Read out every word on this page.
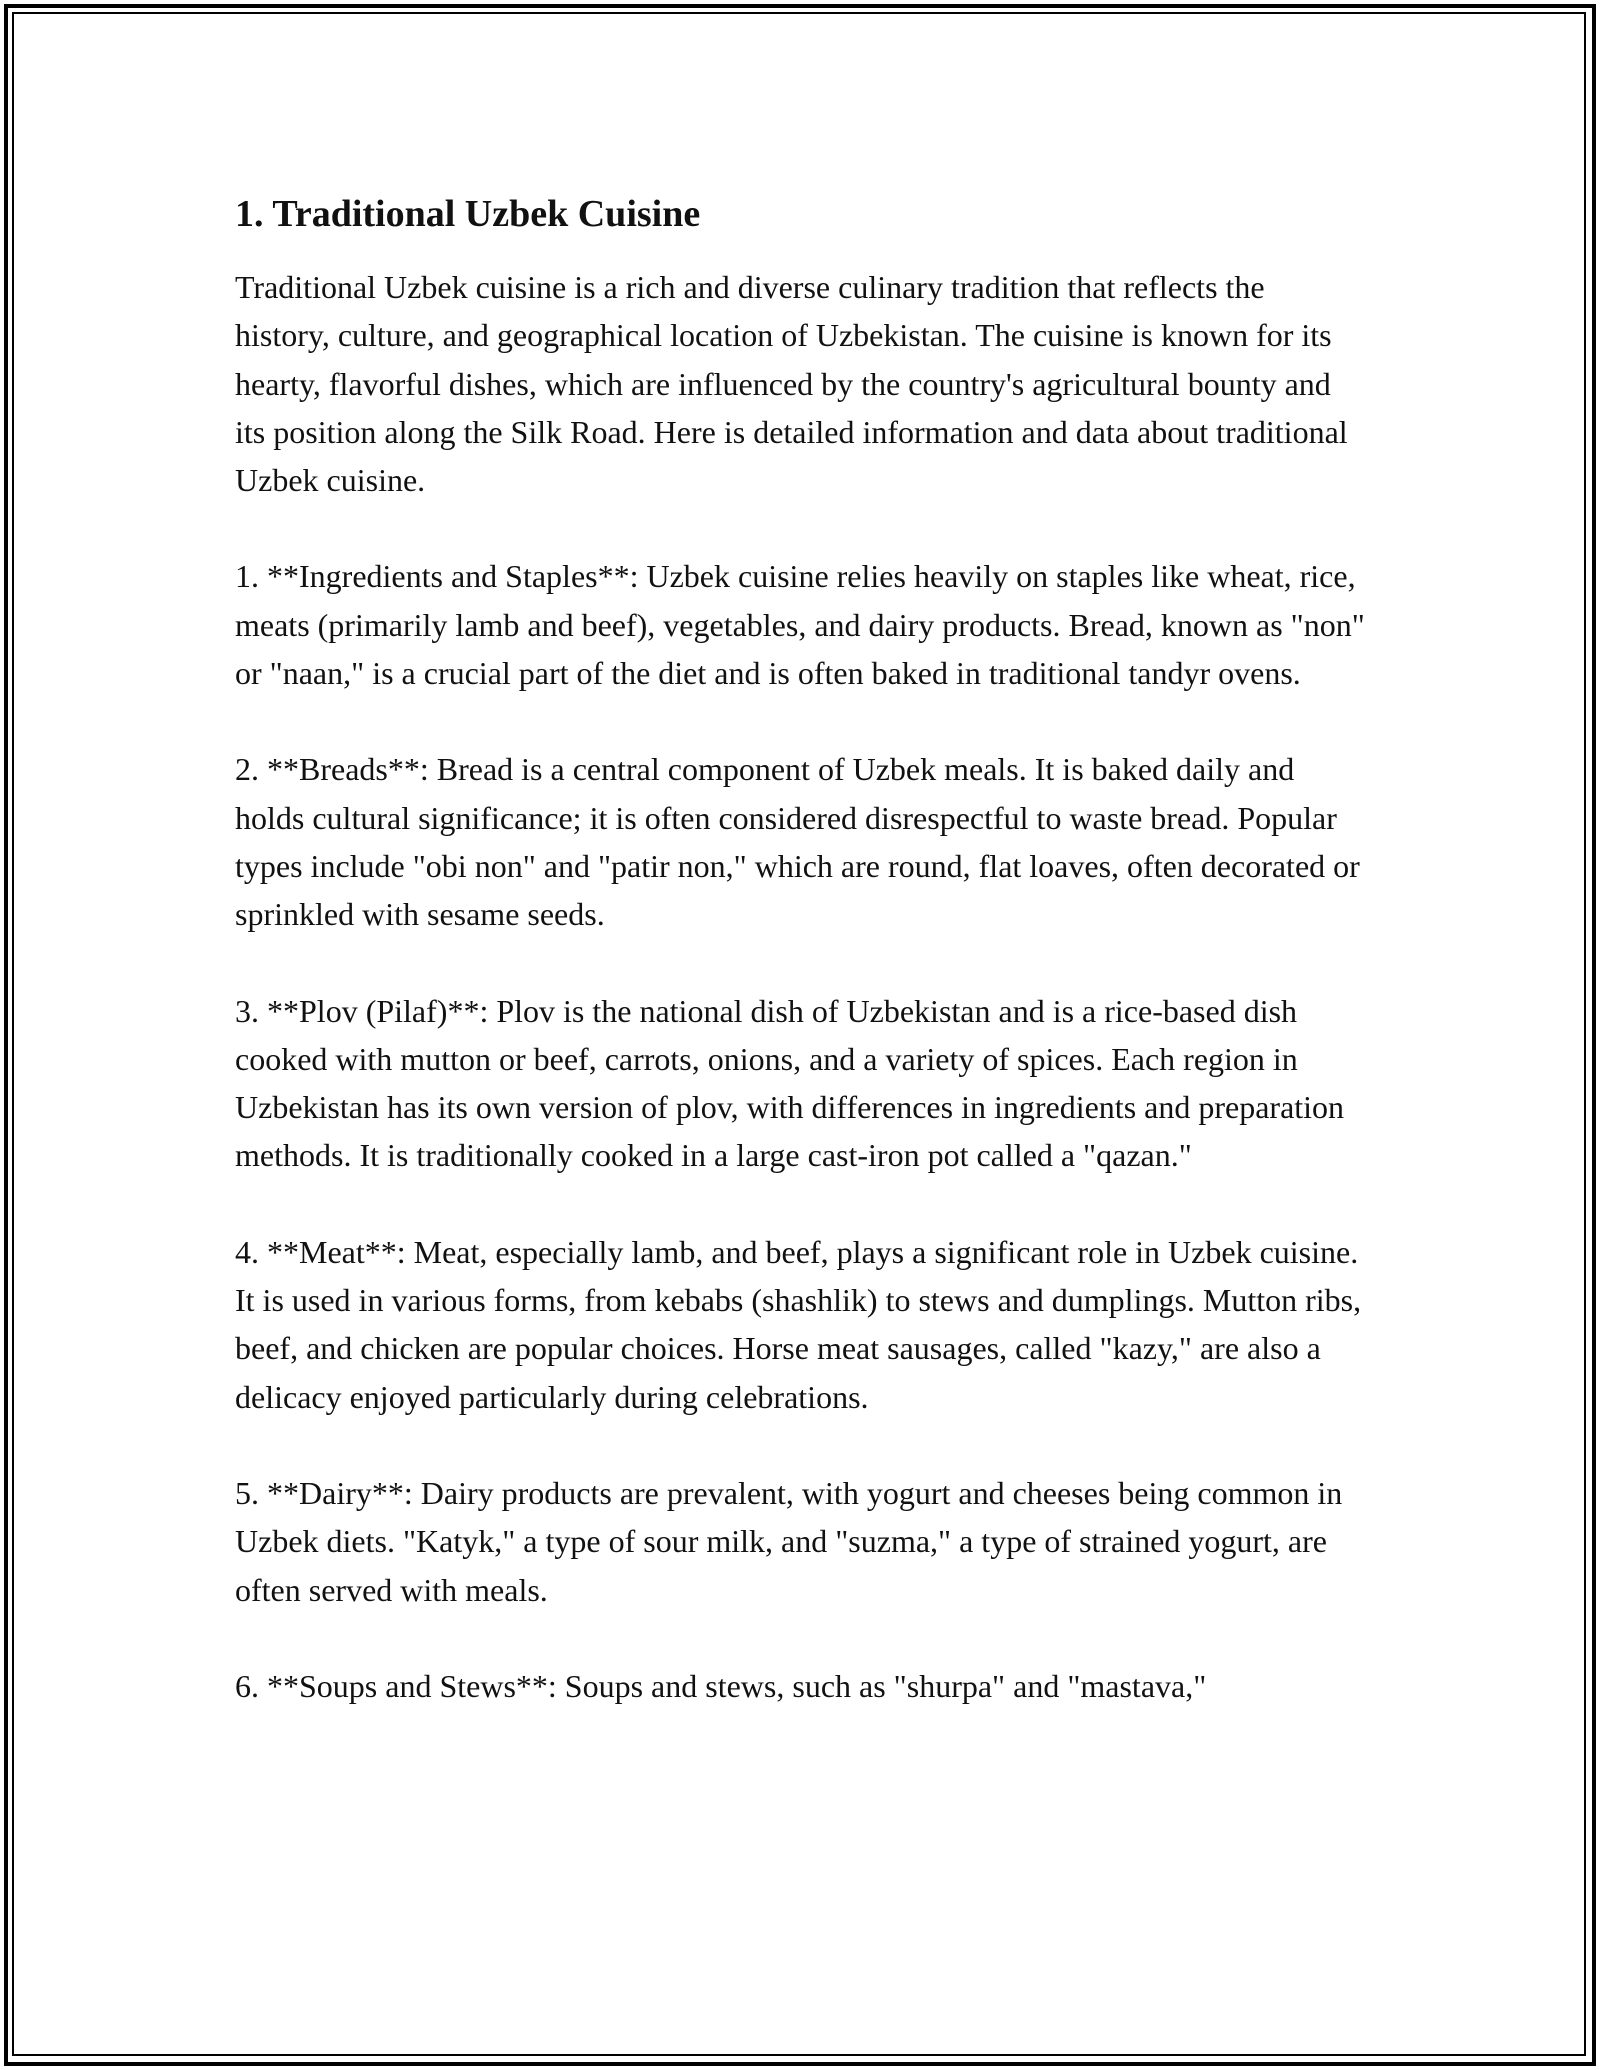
1. Traditional Uzbek Cuisine

Traditional Uzbek cuisine is a rich and diverse culinary tradition that reflects the history, culture, and geographical location of Uzbekistan. The cuisine is known for its hearty, flavorful dishes, which are influenced by the country's agricultural bounty and its position along the Silk Road. Here is detailed information and data about traditional Uzbek cuisine.

1. **Ingredients and Staples**: Uzbek cuisine relies heavily on staples like wheat, rice, meats (primarily lamb and beef), vegetables, and dairy products. Bread, known as "non" or "naan," is a crucial part of the diet and is often baked in traditional tandyr ovens.

2. **Breads**: Bread is a central component of Uzbek meals. It is baked daily and holds cultural significance; it is often considered disrespectful to waste bread. Popular types include "obi non" and "patir non," which are round, flat loaves, often decorated or sprinkled with sesame seeds.

3. **Plov (Pilaf)**: Plov is the national dish of Uzbekistan and is a rice-based dish cooked with mutton or beef, carrots, onions, and a variety of spices. Each region in Uzbekistan has its own version of plov, with differences in ingredients and preparation methods. It is traditionally cooked in a large cast-iron pot called a "qazan."

4. **Meat**: Meat, especially lamb, and beef, plays a significant role in Uzbek cuisine. It is used in various forms, from kebabs (shashlik) to stews and dumplings. Mutton ribs, beef, and chicken are popular choices. Horse meat sausages, called "kazy," are also a delicacy enjoyed particularly during celebrations.

5. **Dairy**: Dairy products are prevalent, with yogurt and cheeses being common in Uzbek diets. "Katyk," a type of sour milk, and "suzma," a type of strained yogurt, are often served with meals.

6. **Soups and Stews**: Soups and stews, such as "shurpa" and "mastava,"
